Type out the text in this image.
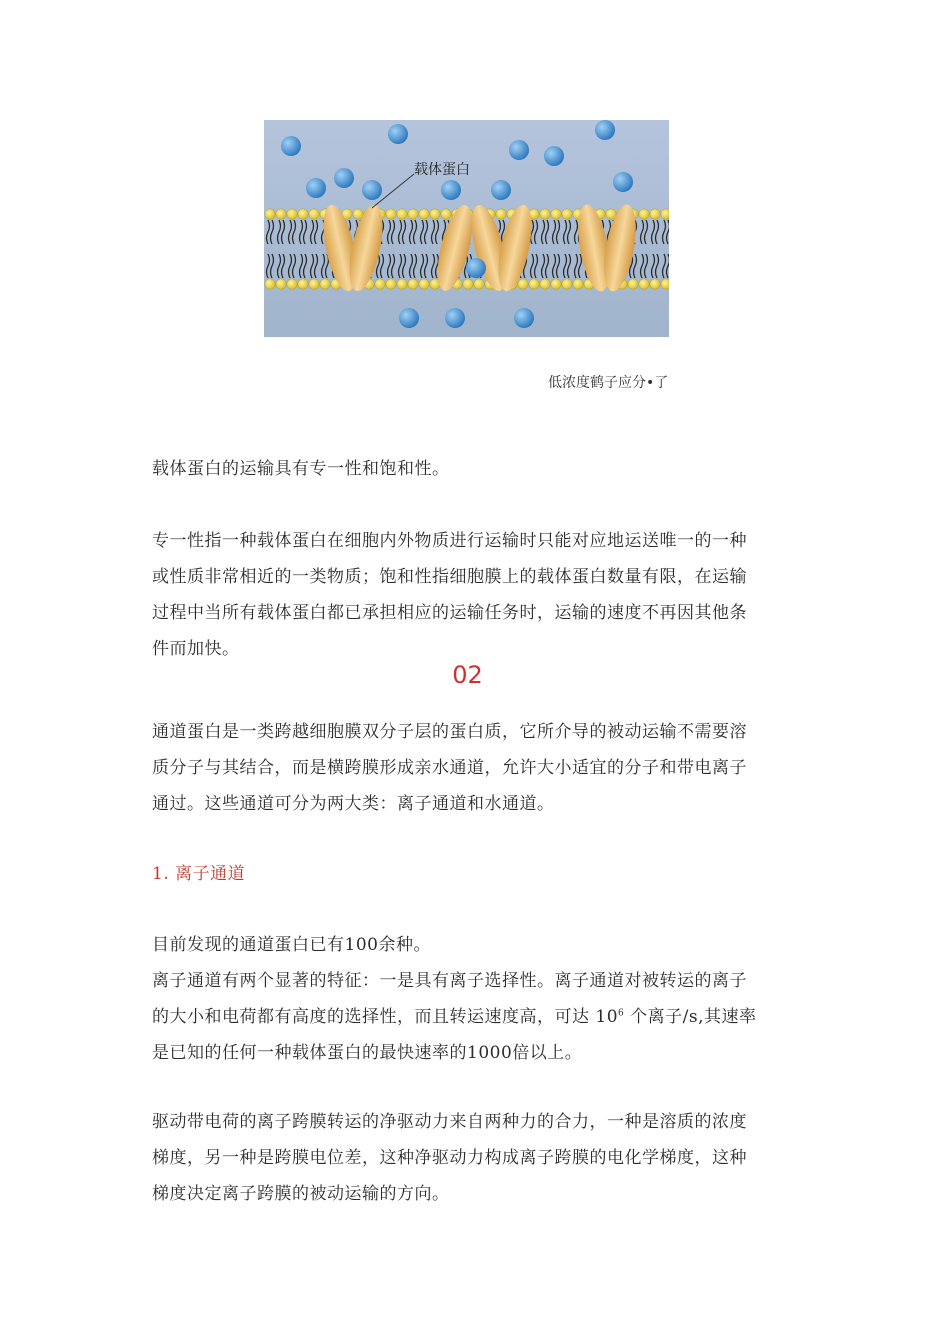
载体蛋白
低浓度鹤子应分•了

载体蛋白的运输具有专一性和饱和性。

专一性指一种载体蛋白在细胞内外物质进行运输时只能对应地运送唯一的一种

或性质非常相近的一类物质；饱和性指细胞膜上的载体蛋白数量有限，在运输

过程中当所有载体蛋白都已承担相应的运输任务时，运输的速度不再因其他条

件而加快。

02

通道蛋白是一类跨越细胞膜双分子层的蛋白质，它所介导的被动运输不需要溶

质分子与其结合，而是横跨膜形成亲水通道，允许大小适宜的分子和带电离子

通过。这些通道可分为两大类：离子通道和水通道。

1. 离子通道

目前发现的通道蛋白已有100余种。

离子通道有两个显著的特征：一是具有离子选择性。离子通道对被转运的离子

的大小和电荷都有高度的选择性，而且转运速度高，可达 $10^6$ 个离子/s,其速率

是已知的任何一种载体蛋白的最快速率的1000倍以上。

驱动带电荷的离子跨膜转运的净驱动力来自两种力的合力，一种是溶质的浓度

梯度，另一种是跨膜电位差，这种净驱动力构成离子跨膜的电化学梯度，这种

梯度决定离子跨膜的被动运输的方向。
